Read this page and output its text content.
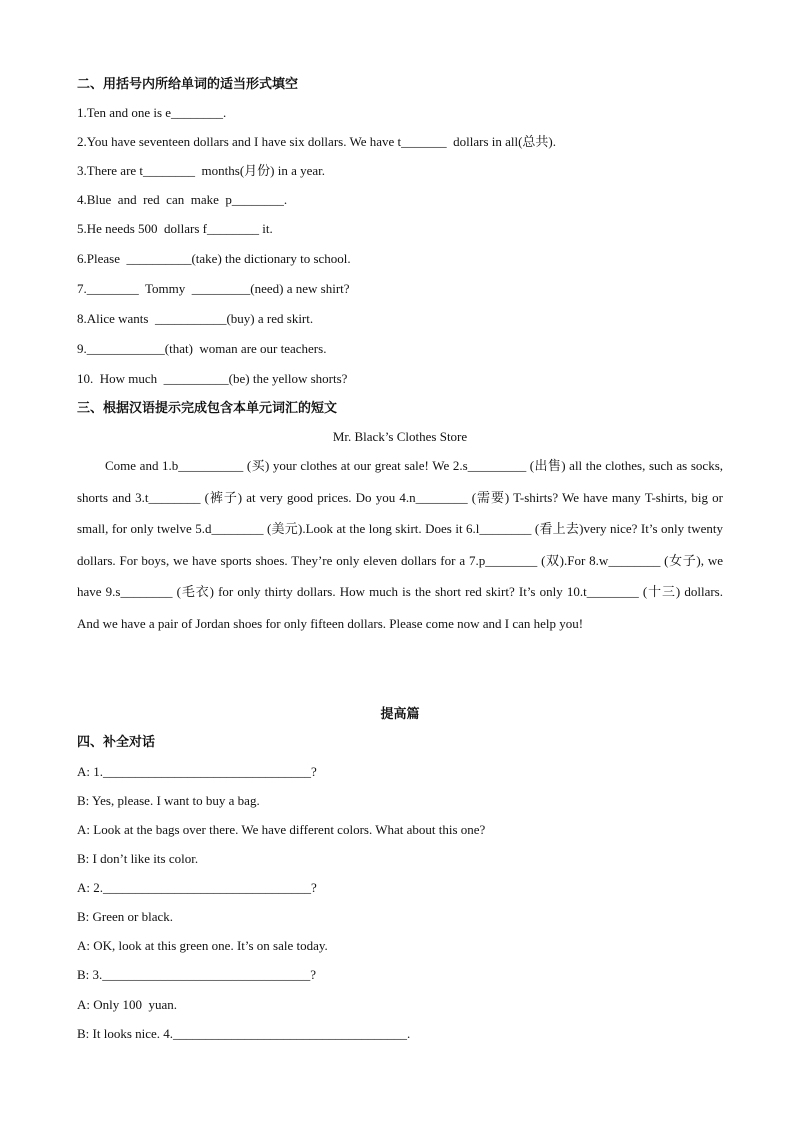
二、用括号内所给单词的适当形式填空
1.Ten and one is e________.
2.You have seventeen dollars and I have six dollars. We have t_______  dollars in all(总共).
3.There are t________  months(月份) in a year.
4.Blue  and  red  can  make  p________.
5.He needs 500  dollars f________ it.
6.Please  __________(take) the dictionary to school.
7.________  Tommy  _________(need) a new shirt?
8.Alice wants  ___________(buy) a red skirt.
9.____________(that)  woman are our teachers.
10.  How much  __________(be) the yellow shorts?
三、根据汉语提示完成包含本单元词汇的短文
Mr. Black’s Clothes Store

Come and 1.b__________ (买) your clothes at our great sale! We 2.s_________ (出售) all the clothes, such as socks, shorts and 3.t________ (裤子) at very good prices. Do you 4.n________ (需要) T-shirts? We have many T-shirts, big or small, for only twelve 5.d________ (美元).Look at the long skirt. Does it 6.l________ (看上去)very nice? It’s only twenty dollars. For boys, we have sports shoes. They’re only eleven dollars for a 7.p________ (双).For 8.w________ (女子), we have 9.s________ (毛衣) for only thirty dollars. How much is the short red skirt? It’s only 10.t________ (十三) dollars. And we have a pair of Jordan shoes for only fifteen dollars. Please come now and I can help you!

提高篇
四、补全对话
A: 1.________________________________?
B: Yes, please. I want to buy a bag.
A: Look at the bags over there. We have different colors. What about this one?
B: I don’t like its color.
A: 2.________________________________?
B: Green or black.
A: OK, look at this green one. It’s on sale today.
B: 3.________________________________?
A: Only 100  yuan.
B: It looks nice. 4.____________________________________.
